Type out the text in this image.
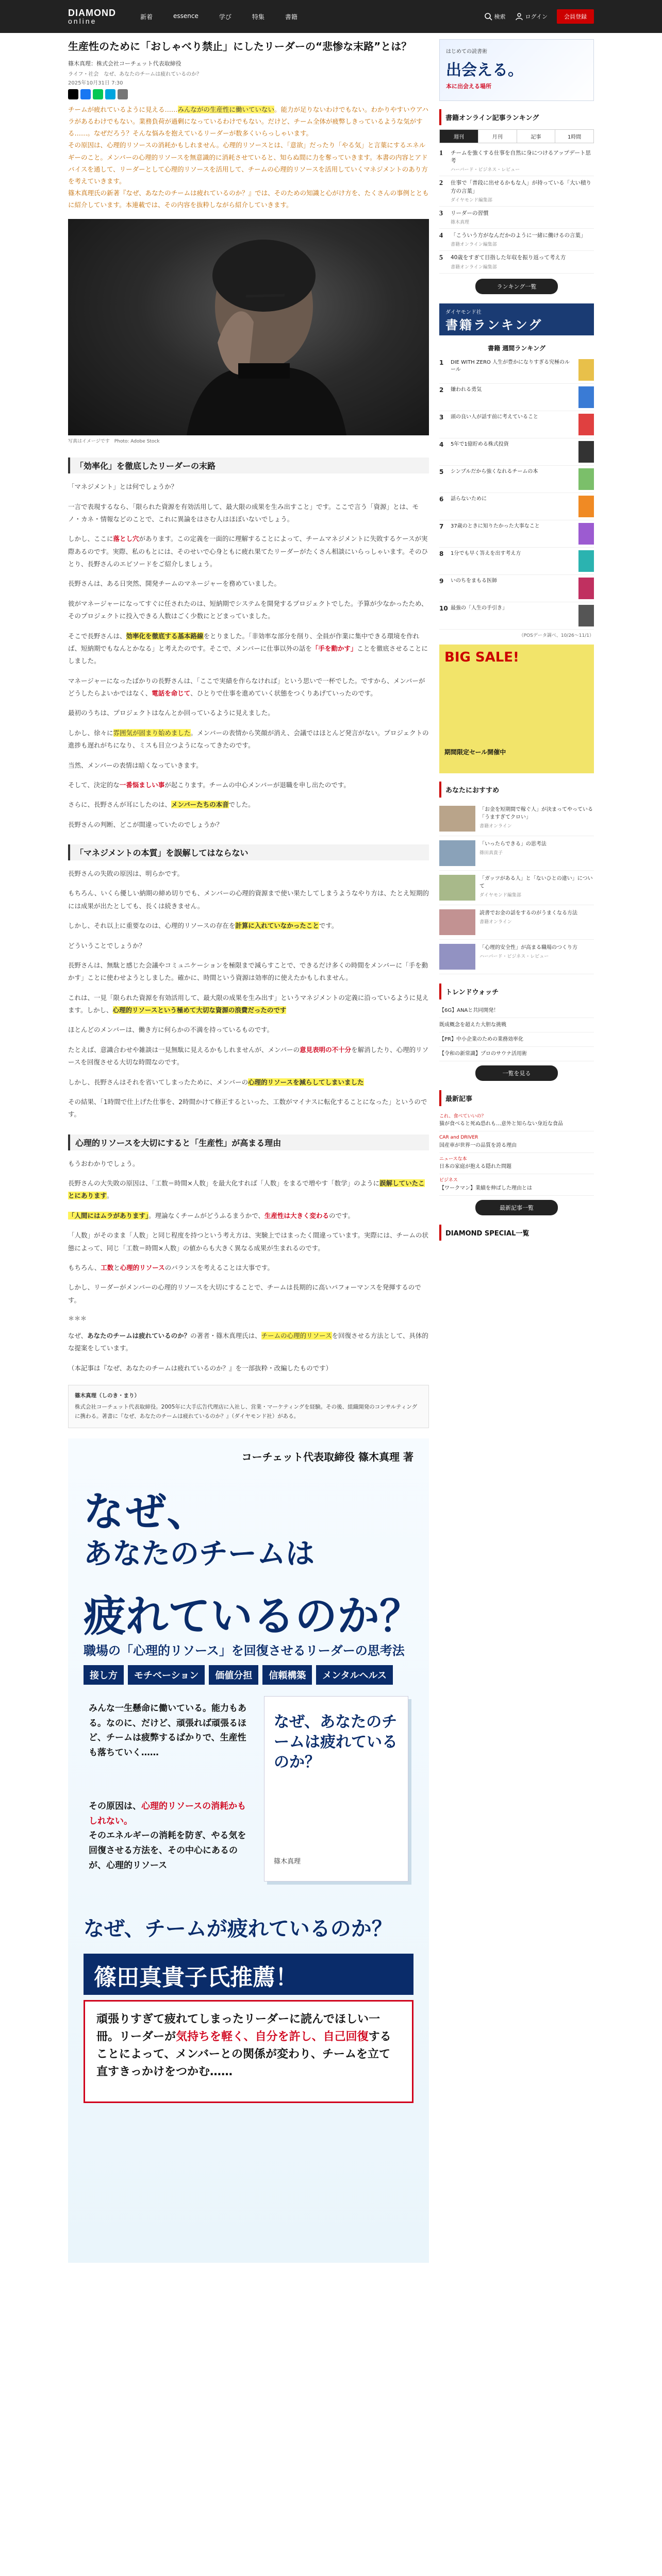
DIAMOND
online
新着	essence	学び	特集	書籍	検索	ログイン	会員登録
生産性のために「おしゃべり禁止」にしたリーダーの“悲惨な末路”とは？
篠木真理：株式会社コーチェット代表取締役
ライフ・社会　なぜ、あなたのチームは疲れているのか？
2025年10月31日 7:30

チームが疲れているように見える……みんながの生産性に働いていない。能力が足りないわけでもない。わかりやすいウアハラがあるわけでもない。業務負荷が過剰になっているわけでもない。だけど、チーム全体が疲弊しきっているような気がする……。なぜだろう？そんな悩みを抱えているリーダーが数多くいらっしゃいます。
その原因は、心理的リソースの消耗かもしれません。心理的リソースとは、「意欲」だったり「やる気」と言葉にするエネルギーのこと。メンバーの心理的リソースを無意識的に消耗させていると、知らぬ間に力を奪っていきます。本書の内容とアドバイスを通して、リーダーとして心理的リソースを活用して、チームの心理的リソースを活用していくマネジメントのあり方を考えていきます。
篠木真理氏の新著『なぜ、あなたのチームは疲れているのか？』では、そのための知識と心がけ方を、たくさんの事例とともに紹介しています。本連載では、その内容を抜粋しながら紹介していきます。

写真はイメージです　Photo: Adobe Stock
「効率化」を徹底したリーダーの末路

「マネジメント」とは何でしょうか？

一言で表現するなら、「限られた資源を有効活用して、最大限の成果を生み出すこと」です。ここで言う「資源」とは、モノ・カネ・情報などのことで、これに異論をはさむ人はほぼいないでしょう。

しかし、ここに落とし穴があります。この定義を一面的に理解することによって、チームマネジメントに失敗するケースが実際あるのです。実際、私のもとには、そのせいで心身ともに疲れ果てたリーダーがたくさん相談にいらっしゃいます。そのひとり、長野さんのエピソードをご紹介しましょう。

長野さんは、ある日突然、開発チームのマネージャーを務めていました。

彼がマネージャーになってすぐに任されたのは、短納期でシステムを開発するプロジェクトでした。予算が少なかったため、そのプロジェクトに投入できる人数はごく少数にとどまっていました。

そこで長野さんは、効率化を徹底する基本路線をとりました。「非効率な部分を削り、全員が作業に集中できる環境を作れば、短納期でもなんとかなる」と考えたのです。そこで、メンバーに仕事以外の話を「手を動かす」ことを徹底させることにしました。

マネージャーになったばかりの長野さんは、「ここで実績を作らなければ」という思いで一杯でした。ですから、メンバーがどうしたらよいかではなく、電話を命じて、ひとりで仕事を進めていく状態をつくりあげていったのです。

最初のうちは、プロジェクトはなんとか回っているように見えました。

しかし、徐々に雰囲気が固まり始めました。メンバーの表情から笑顔が消え、会議ではほとんど発言がない。プロジェクトの進捗も遅れがちになり、ミスも目立つようになってきたのです。

当然、メンバーの表情は暗くなっていきます。

そして、決定的な一番悩ましい事が起こります。チームの中心メンバーが退職を申し出たのです。

さらに、長野さんが耳にしたのは、メンバーたちの本音でした。

長野さんの判断、どこが間違っていたのでしょうか？

「マネジメントの本質」を誤解してはならない

長野さんの失敗の原因は、明らかです。

もちろん、いくら優しい納期の締め切りでも、メンバーの心理的資源まで使い果たしてしまうようなやり方は、たとえ短期的には成果が出たとしても、長くは続きません。

しかし、それ以上に重要なのは、心理的リソースの存在を計算に入れていなかったことです。

どういうことでしょうか？

長野さんは、無駄と感じた会議やコミュニケーションを極限まで減らすことで、できるだけ多くの時間をメンバーに「手を動かす」ことに使わせようとしました。確かに、時間という資源は効率的に使えたかもしれません。

これは、一見「限られた資源を有効活用して、最大限の成果を生み出す」というマネジメントの定義に沿っているように見えます。しかし、心理的リソースという極めて大切な資源の浪費だったのです

ほとんどのメンバーは、働き方に何らかの不満を持っているものです。

たとえば、意識合わせや雑談は一見無駄に見えるかもしれませんが、メンバーの意見表明の不十分を解消したり、心理的リソースを回復させる大切な時間なのです。

しかし、長野さんはそれを省いてしまったために、メンバーの心理的リソースを減らしてしまいました

その結果、「1時間で仕上げた仕事を、2時間かけて修正するといった、工数がマイナスに転化することになった」というのです。

心理的リソースを大切にすると「生産性」が高まる理由

もうおわかりでしょう。

長野さんの大失敗の原因は、「工数＝時間×人数」を最大化すれば「人数」をまるで増やす「数学」のように誤解していたことにあります。

「人間にはムラがあります」。理論なくチームがどうふるまうかで、生産性は大きく変わるのです。

「人数」がそのまま「人数」と同じ程度を持つという考え方は、実験上ではまったく間違っています。実際には、チームの状態によって、同じ「工数＝時間×人数」の値からも大きく異なる成果が生まれるのです。

もちろん、工数と心理的リソースのバランスを考えることは大事です。

しかし、リーダーがメンバーの心理的リソースを大切にすることで、チームは長期的に高いパフォーマンスを発揮するのです。

＊＊＊

なぜ、あなたのチームは疲れているのか？の著者・篠木真理氏は、チームの心理的リソースを回復させる方法として、具体的な提案をしています。

（本記事は『なぜ、あなたのチームは疲れているのか？』を一部抜粋・改編したものです）

篠木真理（しのき・まり）
株式会社コーチェット代表取締役。2005年に大手広告代理店に入社し、営業・マーケティングを経験。その後、組織開発のコンサルティングに携わる。著書に『なぜ、あなたのチームは疲れているのか？』（ダイヤモンド社）がある。
コーチェット代表取締役 篠木真理 著
なぜ、
あなたのチームは
疲れているのか？
職場の「心理的リソース」を回復させるリーダーの思考法
接し方	モチベーション	価値分担	信頼構築	メンタルヘルス
みんな一生懸命に働いている。能力もある。なのに、だけど、頑張れば頑張るほど、チームは疲弊するばかりで、生産性も落ちていく……
その原因は、心理的リソースの消耗かもしれない。
そのエネルギーの消耗を防ぎ、やる気を回復させる方法を、その中心にあるのが、心理的リソース
なぜ、あなたのチームは疲れているのか？
篠木真理
なぜ、チームが疲れているのか？
篠田真貴子氏推薦！
頑張りすぎて疲れてしまったリーダーに読んでほしい一冊。リーダーが気持ちを軽く、自分を許し、自己回復することによって、メンバーとの関係が変わり、チームを立て直すきっかけをつかむ……
はじめての読書術
出会える。
本に出会える場所
書籍オンライン記事ランキング
週刊	月刊	記事	1時間
1	チームを強くする仕事を自然に身につけるアップデート思考
ハーバード・ビジネス・レビュー
2	仕事で「普段に出せるかもな人」が持っている「大い積り方の言葉」
ダイヤモンド編集部
3	リーダーの習慣
篠木真理
4	「こういう方がなんだかのように一緒に働けるの言葉」
書籍オンライン編集部
5	40歳をすぎて目指した年収を振り返って考え方
書籍オンライン編集部
ランキング一覧
ダイヤモンド社
書籍ランキング
書籍 週間ランキング
1	DIE WITH ZERO 人生が豊かになりすぎる究極のルール
2	嫌われる勇気
3	頭の良い人が話す前に考えていること
4	5年で1億貯める株式投資
5	シンプルだから強くなれるチームの本
6	話らないために
7	37歳のときに知りたかった大事なこと
8	1分でも早く答えを出す考え方
9	いのちをまもる医師
10 最強の「人生の手引き」
（POSデータ調べ、10/26〜11/1）
BIG SALE!
期間限定セール開催中
あなたにおすすめ
「お金を短期間で稼ぐ人」が決まってやっている「うますぎてクロい」
書籍オンライン
「いったらできる」の思考法
篠田真貴子
「ガッツがある人」と「ないひとの違い」について
ダイヤモンド編集部
読書でお金の話をするのがうまくなる方法
書籍オンライン
「心理的安全性」が高まる職場のつくり方
ハーバード・ビジネス・レビュー
トレンドウォッチ
【6G】ANAと共同開発！
既成概念を超えた大胆な挑戦
【PR】中小企業のための業務効率化
【令和の新常識】プロのサウナ活用術
一覧を見る
最新記事
これ、食べていいの？
猫が食べると死ぬ恐れも…意外と知らない身近な食品
CAR and DRIVER
国産車が世界一の品質を誇る理由
ニュースな本
日本の家庭が抱える隠れた問題
ビジネス
【ワークマン】業績を伸ばした理由とは
最新記事一覧
DIAMOND SPECIAL一覧
